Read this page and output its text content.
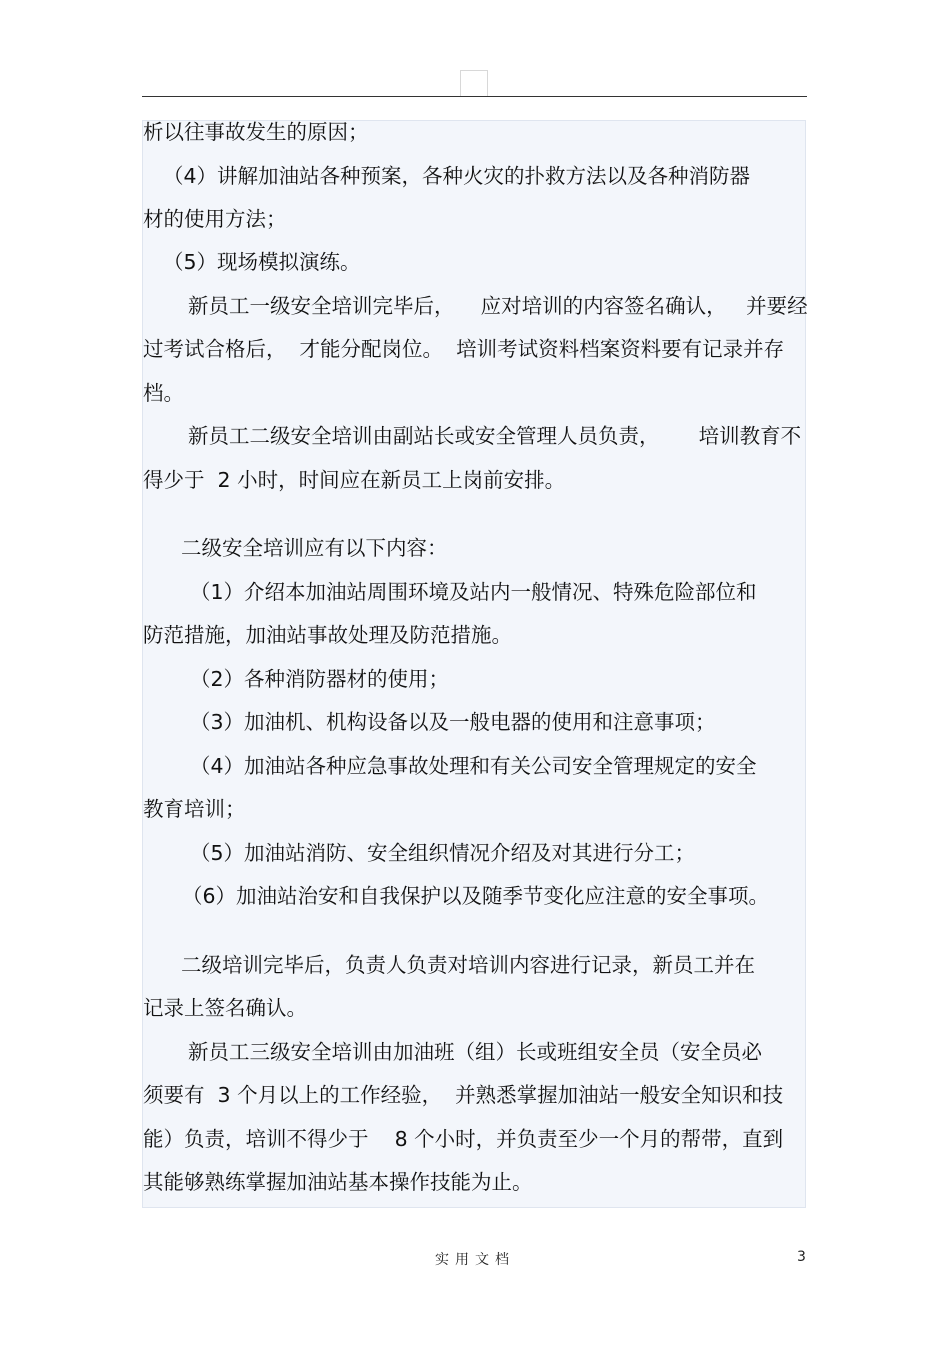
析以往事故发生的原因；
（4）讲解加油站各种预案，各种火灾的扑救方法以及各种消防器
材的使用方法；
（5）现场模拟演练。
新员工一级安全培训完毕后，    应对培训的内容签名确认，   并要经
过考试合格后，  才能分配岗位。  培训考试资料档案资料要有记录并存
档。
新员工二级安全培训由副站长或安全管理人员负责，      培训教育不
得少于  2 小时，时间应在新员工上岗前安排。
二级安全培训应有以下内容：
（1）介绍本加油站周围环境及站内一般情况、特殊危险部位和
防范措施，加油站事故处理及防范措施。
（2）各种消防器材的使用；
（3）加油机、机构设备以及一般电器的使用和注意事项；
（4）加油站各种应急事故处理和有关公司安全管理规定的安全
教育培训；
（5）加油站消防、安全组织情况介绍及对其进行分工；
（6）加油站治安和自我保护以及随季节变化应注意的安全事项。
二级培训完毕后，负责人负责对培训内容进行记录，新员工并在
记录上签名确认。
新员工三级安全培训由加油班（组）长或班组安全员（安全员必
须要有  3 个月以上的工作经验，  并熟悉掌握加油站一般安全知识和技
能）负责，培训不得少于    8 个小时，并负责至少一个月的帮带，直到
其能够熟练掌握加油站基本操作技能为止。
实用文档	3
